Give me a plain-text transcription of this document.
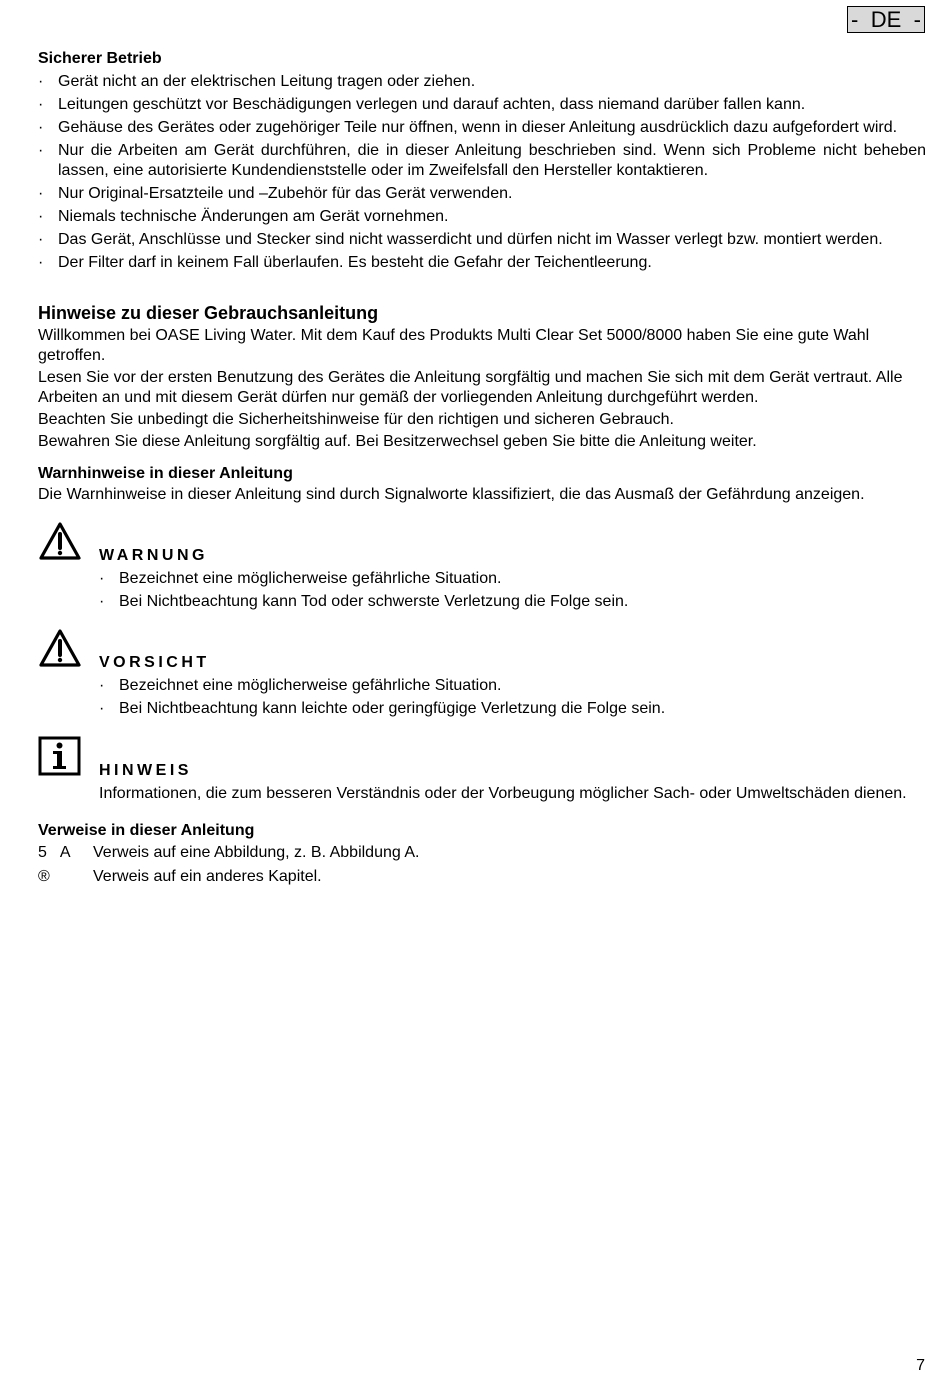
- DE -
Sicherer Betrieb
· Gerät nicht an der elektrischen Leitung tragen oder ziehen.
· Leitungen geschützt vor Beschädigungen verlegen und darauf achten, dass niemand darüber fallen kann.
· Gehäuse des Gerätes oder zugehöriger Teile nur öffnen, wenn in dieser Anleitung ausdrücklich dazu aufgefordert wird.
· Nur die Arbeiten am Gerät durchführen, die in dieser Anleitung beschrieben sind. Wenn sich Probleme nicht beheben lassen, eine autorisierte Kundendienststelle oder im Zweifelsfall den Hersteller kontaktieren.
· Nur Original-Ersatzteile und –Zubehör für das Gerät verwenden.
· Niemals technische Änderungen am Gerät vornehmen.
· Das Gerät, Anschlüsse und Stecker sind nicht wasserdicht und dürfen nicht im Wasser verlegt bzw. montiert werden.
· Der Filter darf in keinem Fall überlaufen. Es besteht die Gefahr der Teichentleerung.
Hinweise zu dieser Gebrauchsanleitung

Willkommen bei OASE Living Water. Mit dem Kauf des Produkts Multi Clear Set 5000/8000 haben Sie eine gute Wahl getroffen.

Lesen Sie vor der ersten Benutzung des Gerätes die Anleitung sorgfältig und machen Sie sich mit dem Gerät vertraut. Alle Arbeiten an und mit diesem Gerät dürfen nur gemäß der vorliegenden Anleitung durchgeführt werden.

Beachten Sie unbedingt die Sicherheitshinweise für den richtigen und sicheren Gebrauch.

Bewahren Sie diese Anleitung sorgfältig auf. Bei Besitzerwechsel geben Sie bitte die Anleitung weiter.

Warnhinweise in dieser Anleitung

Die Warnhinweise in dieser Anleitung sind durch Signalworte klassifiziert, die das Ausmaß der Gefährdung anzeigen.

WARNUNG
· Bezeichnet eine möglicherweise gefährliche Situation.
· Bei Nichtbeachtung kann Tod oder schwerste Verletzung die Folge sein.
VORSICHT
· Bezeichnet eine möglicherweise gefährliche Situation.
· Bei Nichtbeachtung kann leichte oder geringfügige Verletzung die Folge sein.
HINWEIS

Informationen, die zum besseren Verständnis oder der Vorbeugung möglicher Sach- oder Umweltschäden dienen.

Verweise in dieser Anleitung
5 A Verweis auf eine Abbildung, z. B. Abbildung A.
®	Verweis auf ein anderes Kapitel.
7
